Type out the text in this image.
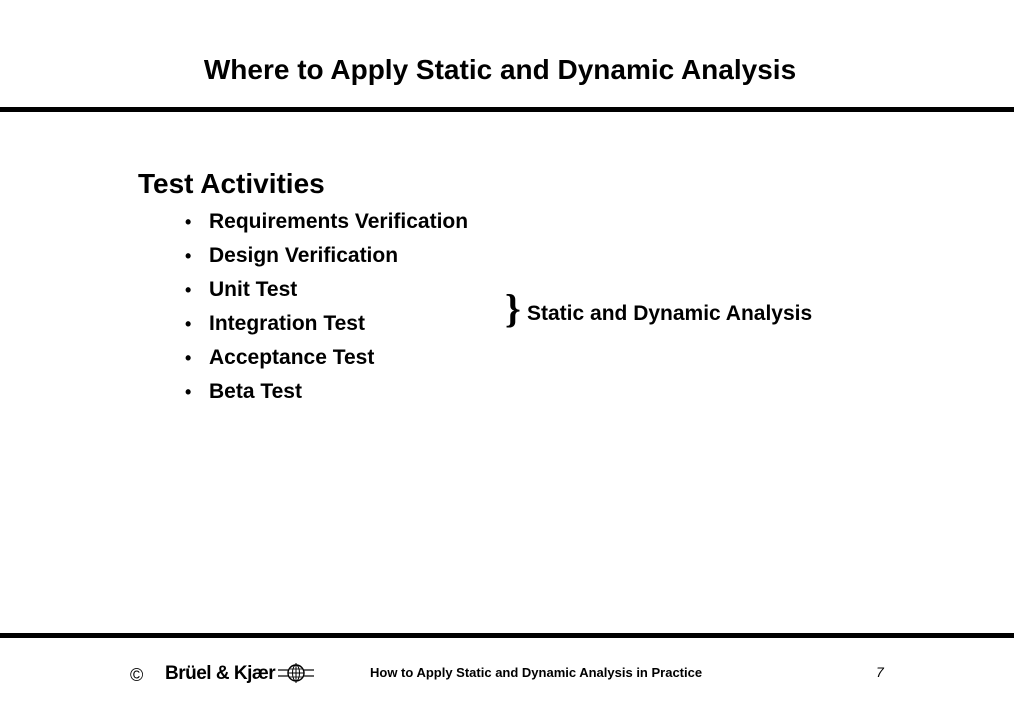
Where to Apply Static and Dynamic Analysis
Test Activities
• Requirements Verification
• Design Verification
• Unit Test
• Integration Test
• Acceptance Test
• Beta Test
} Static and Dynamic Analysis
© Brüel & Kjær	How to Apply Static and Dynamic Analysis in Practice	7
